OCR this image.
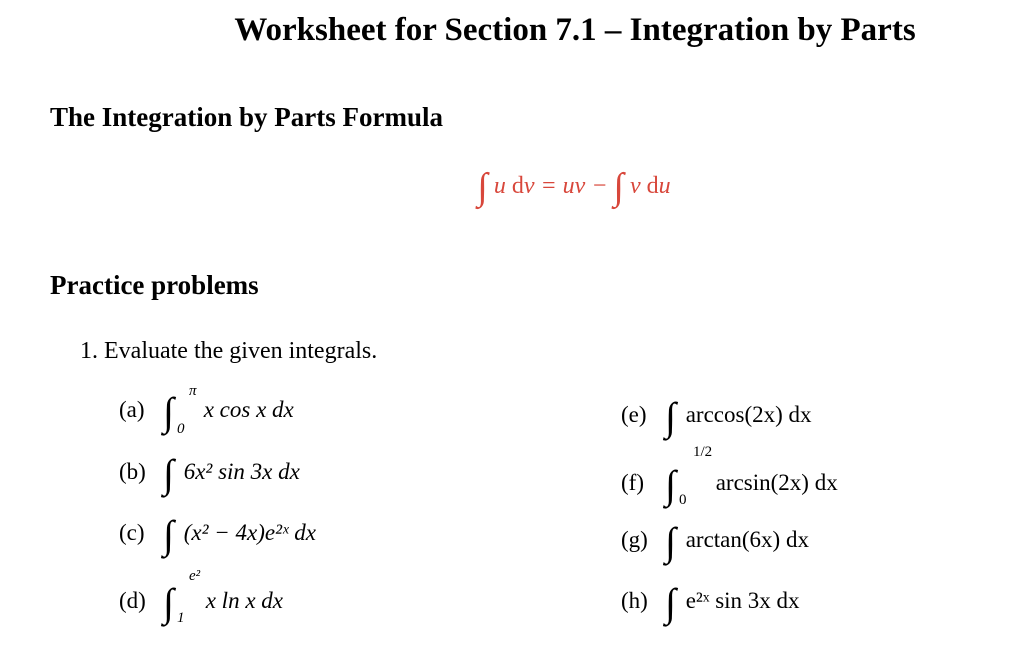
Worksheet for Section 7.1 – Integration by Parts
The Integration by Parts Formula
∫ u dv = uv − ∫ v du
Practice problems
1. Evaluate the given integrals.
(a) ∫ π
0
x cos x dx
(b) ∫ 6x² sin 3x dx
(c) ∫ (x² − 4x)e²ˣ dx
(d) ∫
e²
1
x ln x dx
(e) ∫ arccos(2x) dx
(f) ∫
1/2
0
arcsin(2x) dx
(g) ∫ arctan(6x) dx
(h) ∫ e²ˣ sin 3x dx
